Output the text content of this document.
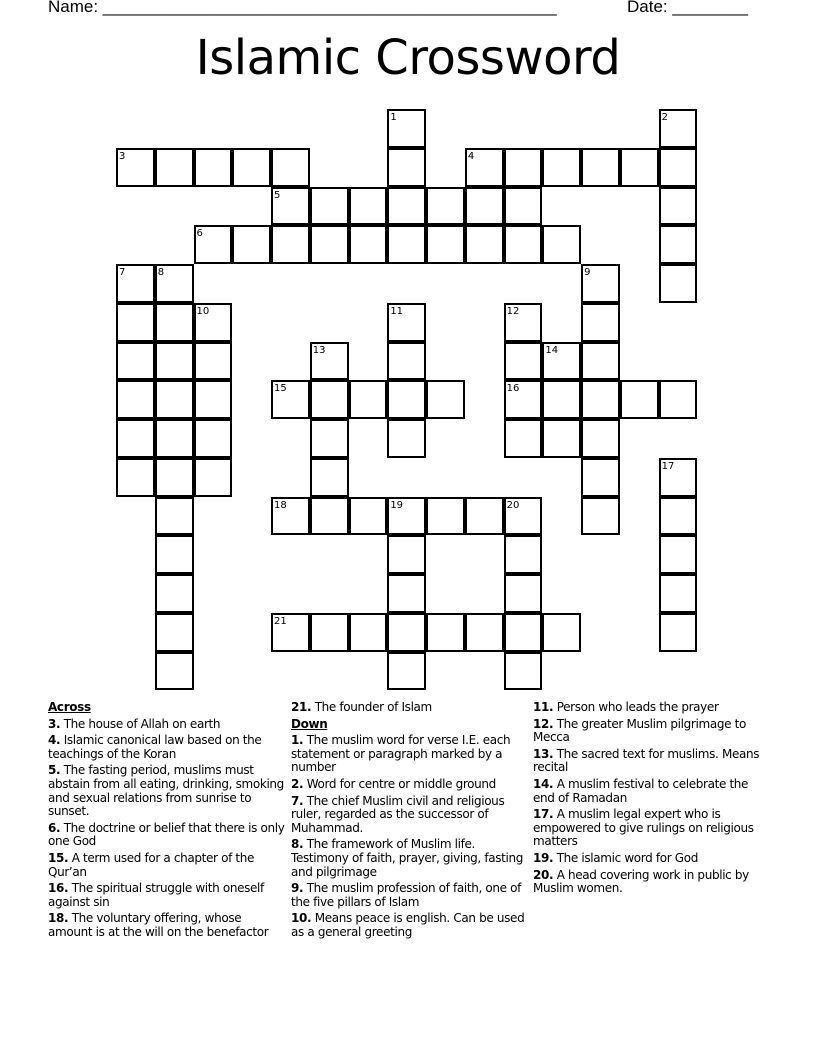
Name: ________________________________________________	Date: ________
Islamic Crossword
1	2
3	4
5
6
7	8	9
10	11	12
13	14
15	16
17
18	19	20
21
Across
3. The house of Allah on earth
4. Islamic canonical law based on the teachings of the Koran
5. The fasting period, muslims must abstain from all eating, drinking, smoking and sexual relations from sunrise to sunset.
6. The doctrine or belief that there is only one God
15. A term used for a chapter of the Qur’an
16. The spiritual struggle with oneself against sin
18. The voluntary offering, whose amount is at the will on the benefactor
21. The founder of Islam
Down
1. The muslim word for verse I.E. each statement or paragraph marked by a number
2. Word for centre or middle ground
7. The chief Muslim civil and religious ruler, regarded as the successor of Muhammad.
8. The framework of Muslim life. Testimony of faith, prayer, giving, fasting and pilgrimage
9. The muslim profession of faith, one of the five pillars of Islam
10. Means peace is english. Can be used as a general greeting
11. Person who leads the prayer
12. The greater Muslim pilgrimage to Mecca
13. The sacred text for muslims. Means recital
14. A muslim festival to celebrate the end of Ramadan
17. A muslim legal expert who is empowered to give rulings on religious matters
19. The islamic word for God
20. A head covering work in public by Muslim women.
